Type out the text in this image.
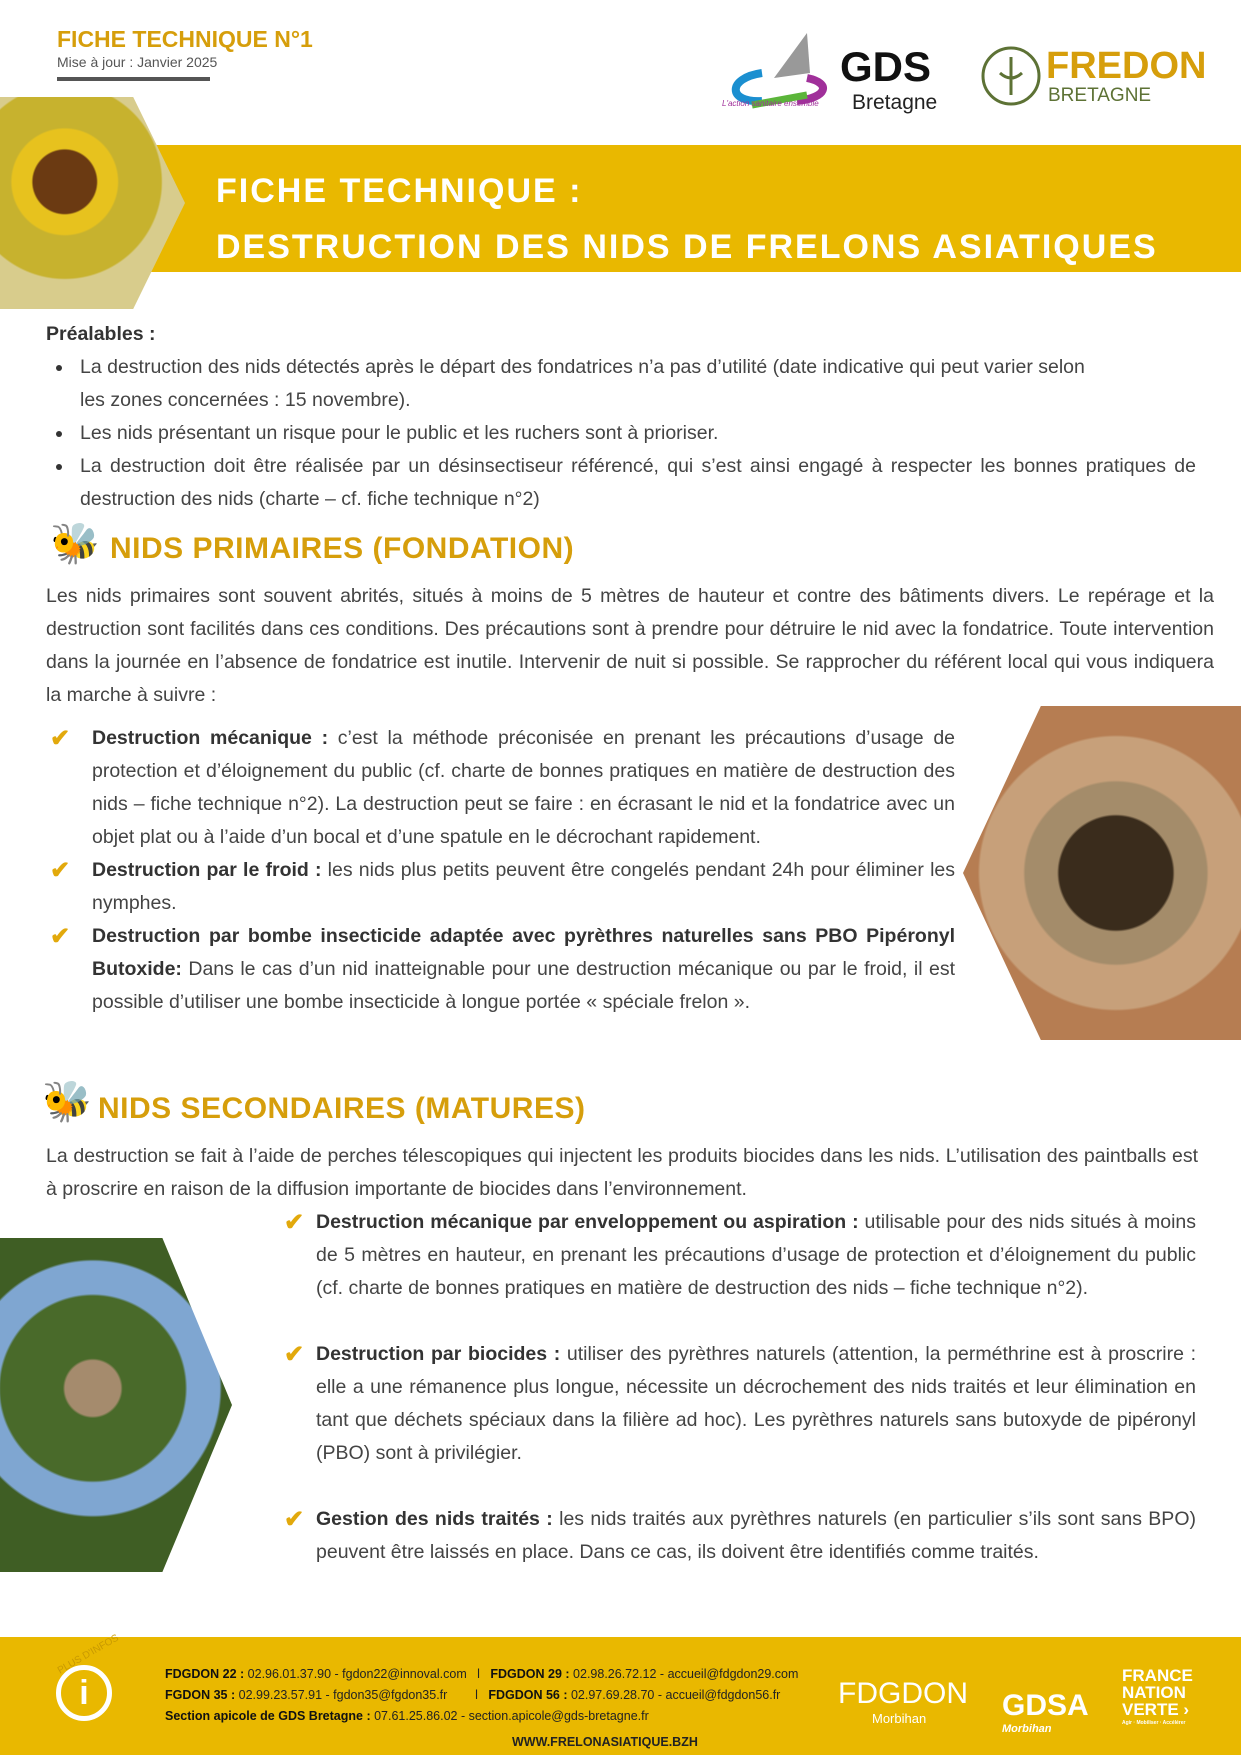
FICHE TECHNIQUE N°1
Mise à jour : Janvier 2025	GDS
Bretagne
L'action sanitaire ensemble
FREDON
BRETAGNE
FICHE TECHNIQUE :
DESTRUCTION DES NIDS DE FRELONS ASIATIQUES
Préalables :
La destruction des nids détectés après le départ des fondatrices n’a pas d’utilité (date indicative qui peut varier selon les zones concernées : 15 novembre).
Les nids présentant un risque pour le public et les ruchers sont à prioriser.
La destruction doit être réalisée par un désinsectiseur référencé, qui s’est ainsi engagé à respecter les bonnes pratiques de destruction des nids (charte – cf. fiche technique n°2)
🐝 NIDS PRIMAIRES (FONDATION)
Les nids primaires sont souvent abrités, situés à moins de 5 mètres de hauteur et contre des bâtiments divers. Le repérage et la destruction sont facilités dans ces conditions. Des précautions sont à prendre pour détruire le nid avec la fondatrice. Toute intervention dans la journée en l’absence de fondatrice est inutile. Intervenir de nuit si possible. Se rapprocher du référent local qui vous indiquera la marche à suivre :
✔ Destruction mécanique : c’est la méthode préconisée en prenant les précautions d’usage de protection et d’éloignement du public (cf. charte de bonnes pratiques en matière de destruction des nids – fiche technique n°2). La destruction peut se faire : en écrasant le nid et la fondatrice avec un objet plat ou à l’aide d’un bocal et d’une spatule en le décrochant rapidement.
✔ Destruction par le froid : les nids plus petits peuvent être congelés pendant 24h pour éliminer les nymphes.
✔ Destruction par bombe insecticide adaptée avec pyrèthres naturelles sans PBO Pipéronyl Butoxide: Dans le cas d’un nid inatteignable pour une destruction mécanique ou par le froid, il est possible d’utiliser une bombe insecticide à longue portée « spéciale frelon ».
🐝 NIDS SECONDAIRES (MATURES)
La destruction se fait à l’aide de perches télescopiques qui injectent les produits biocides dans les nids. L’utilisation des paintballs est à proscrire en raison de la diffusion importante de biocides dans l’environnement.
✔ Destruction mécanique par enveloppement ou aspiration : utilisable pour des nids situés à moins de 5 mètres en hauteur, en prenant les précautions d’usage de protection et d’éloignement du public (cf. charte de bonnes pratiques en matière de destruction des nids – fiche technique n°2).
✔ Destruction par biocides : utiliser des pyrèthres naturels (attention, la perméthrine est à proscrire : elle a une rémanence plus longue, nécessite un décrochement des nids traités et leur élimination en tant que déchets spéciaux dans la filière ad hoc). Les pyrèthres naturels sans butoxyde de pipéronyl (PBO) sont à privilégier.
✔ Gestion des nids traités : les nids traités aux pyrèthres naturels (en particulier s’ils sont sans BPO) peuvent être laissés en place. Dans ce cas, ils doivent être identifiés comme traités.
PLUS D'INFOS
i	FDGDON 22 : 02.96.01.37.90 - fgdon22@innoval.com   l   FDGDON 29 : 02.98.26.72.12 - accueil@fdgdon29.com
FGDON 35 : 02.99.23.57.91 - fgdon35@fgdon35.fr        l   FDGDON 56 : 02.97.69.28.70 - accueil@fdgdon56.fr
Section apicole de GDS Bretagne : 07.61.25.86.02 - section.apicole@gds-bretagne.fr
WWW.FRELONASIATIQUE.BZH
FDGDON
Morbihan	GDSA
Morbihan
FRANCE
NATION
VERTE ›
Agir · Mobiliser · Accélérer
